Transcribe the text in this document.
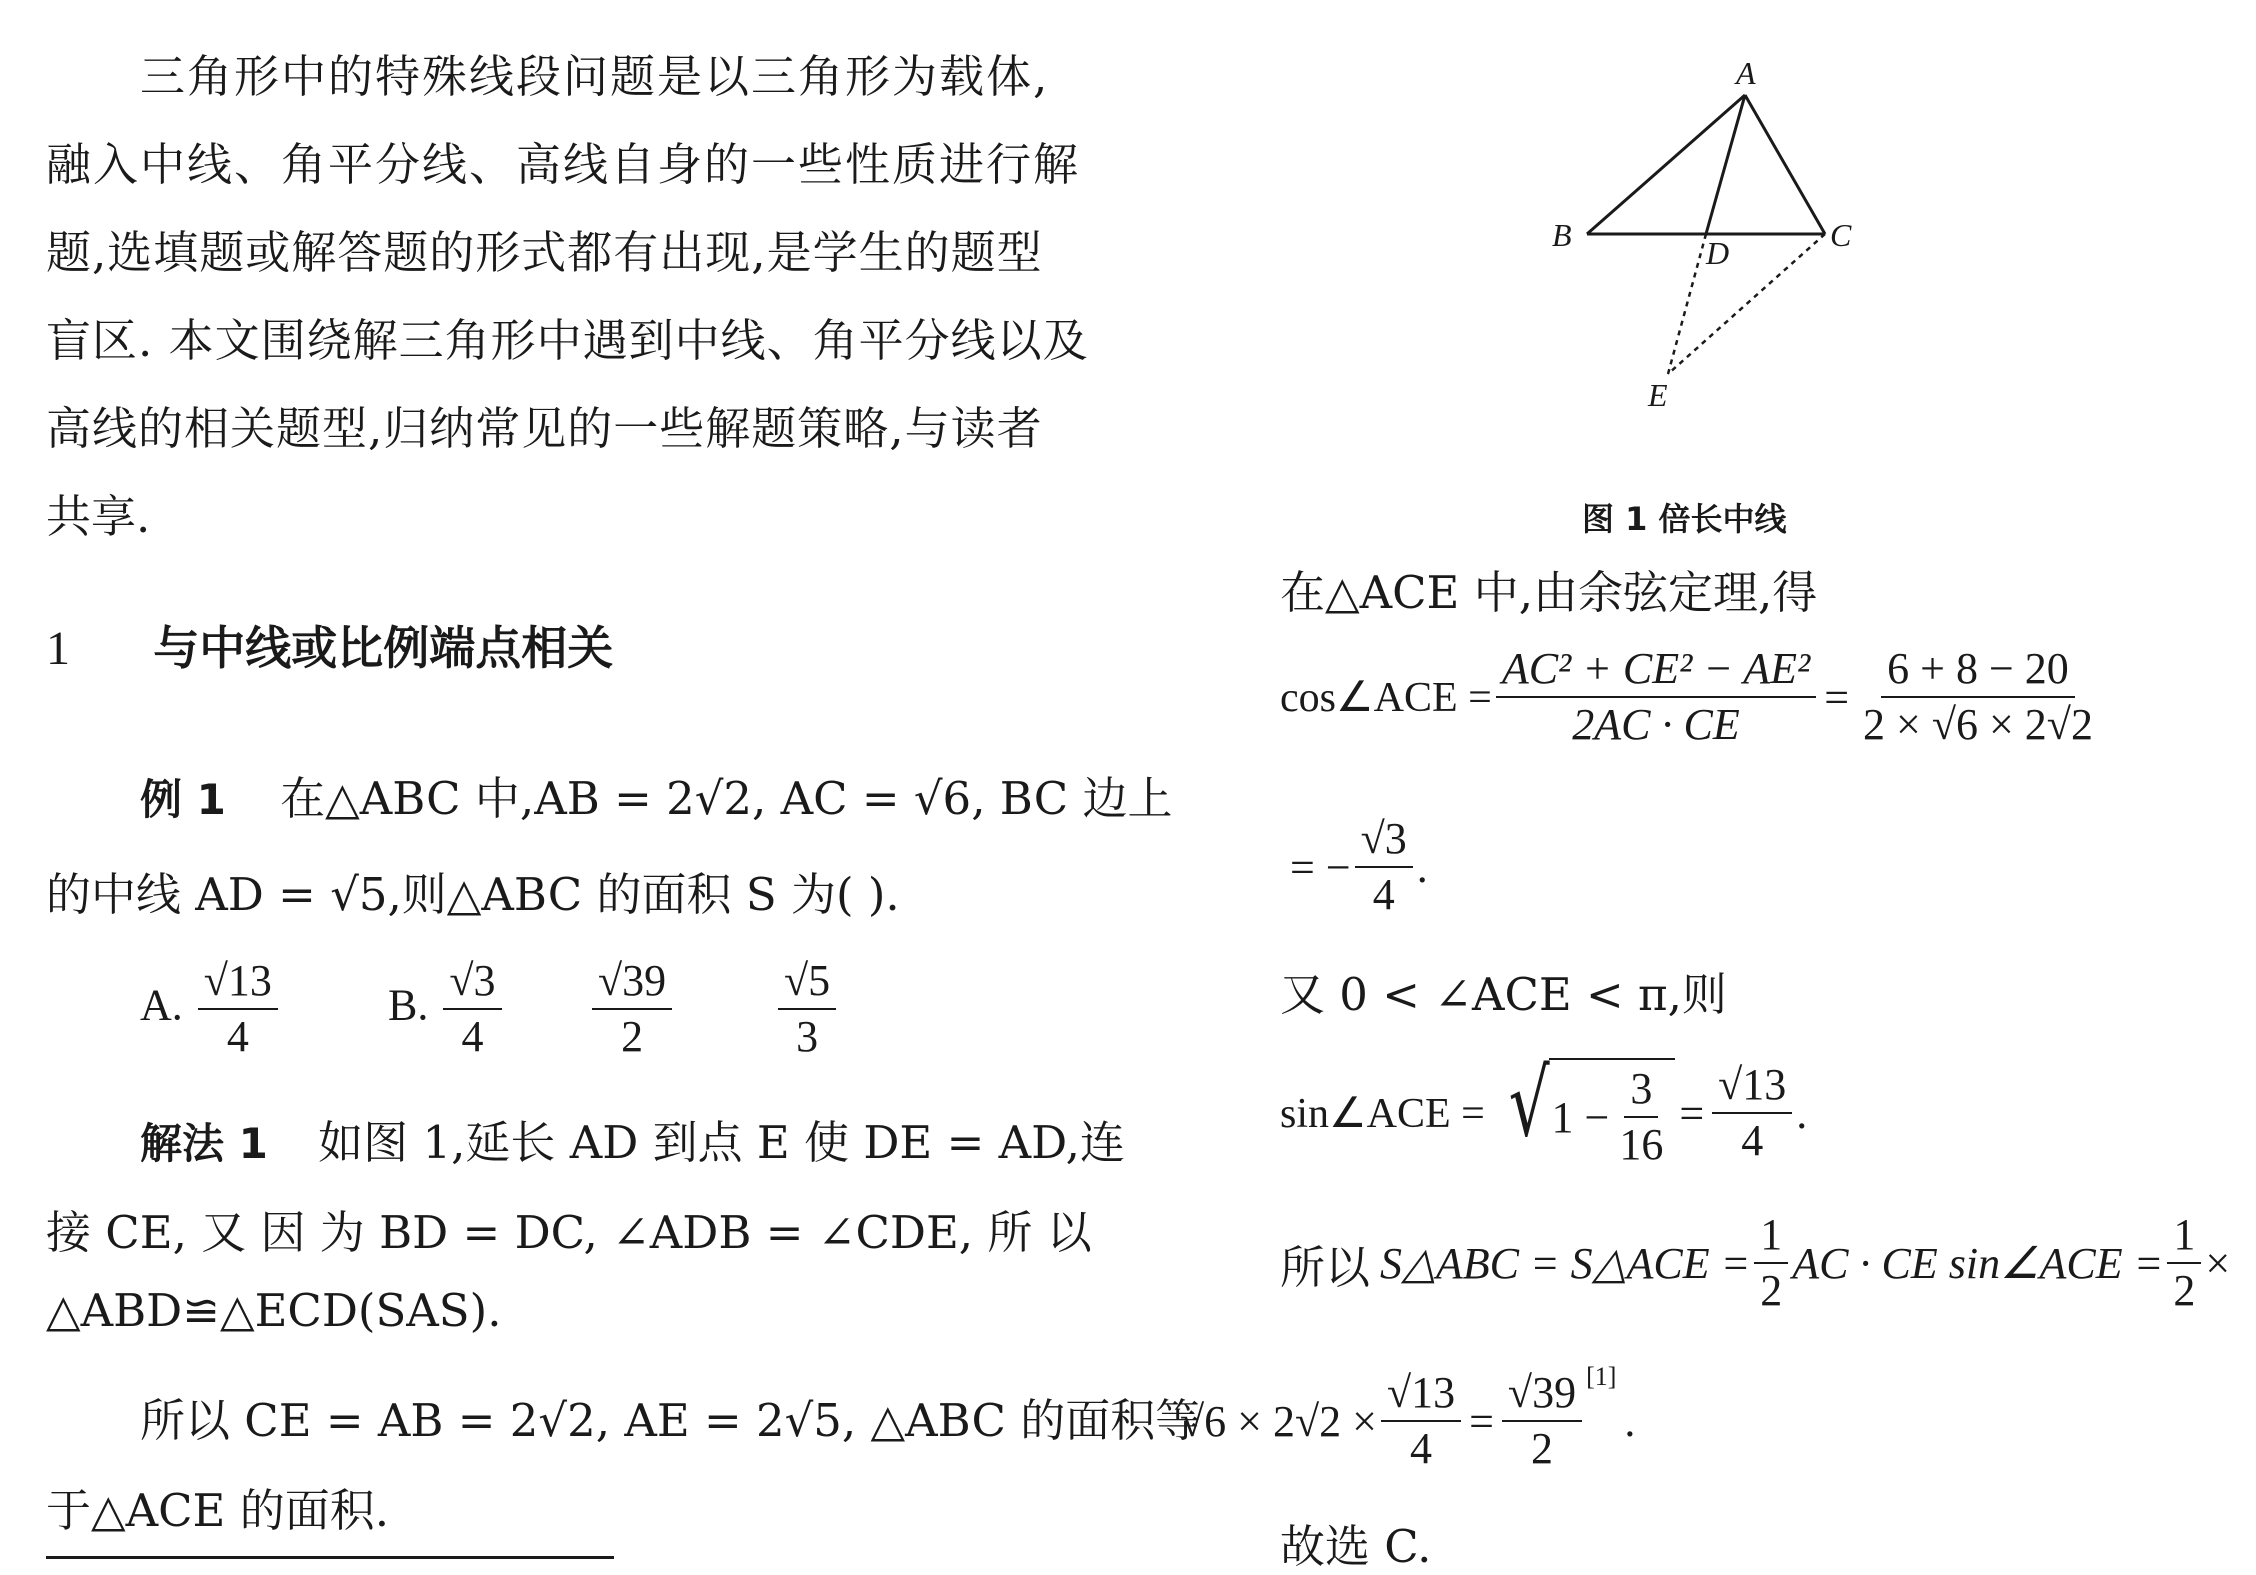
三角形中的特殊线段问题是以三角形为载体,
融入中线、角平分线、高线自身的一些性质进行解
题,选填题或解答题的形式都有出现,是学生的题型
盲区. 本文围绕解三角形中遇到中线、角平分线以及
高线的相关题型,归纳常见的一些解题策略,与读者
共享.
1 与中线或比例端点相关
例 1 在△ABC 中,AB = 2√2, AC = √6, BC 边上
的中线 AD = √5,则△ABC 的面积 S 为( ).
A. $\frac{√13}{4}$	B. $\frac{√3}{4} \frac{√39}{2} \frac{√5}{3}$
解法 1 如图 1,延长 AD 到点 E 使 DE = AD,连
接 CE, 又 因 为 BD = DC, ∠ADB = ∠CDE, 所 以
△ABD≌△ECD(SAS).
所以 CE = AB = 2√2, AE = 2√5, △ABC 的面积等
于△ACE 的面积.
A
B	C
D
E
图 1 倍长中线
在△ACE 中,由余弦定理,得
cos∠ACE = $\frac{\text{AC² + CE² − AE²}}{2AC \cdot CE} = \frac{6 + 8 - 20}{2 \times √6 \times 2√2}$
= − $\frac{√3}{4}$ .
又 0 < ∠ACE < π,则
sin∠ACE = √ $1 - \frac{3}{16} = \frac{√13}{4}$ .
所以 S△ABC = S△ACE = $\frac{1}{2}$ AC · CE sin∠ACE = $\frac{1}{2}$ ×
$√6 \times 2√2 \times \frac{√13}{4} = \frac{√39}{2} [1]$
.
故选 C.
